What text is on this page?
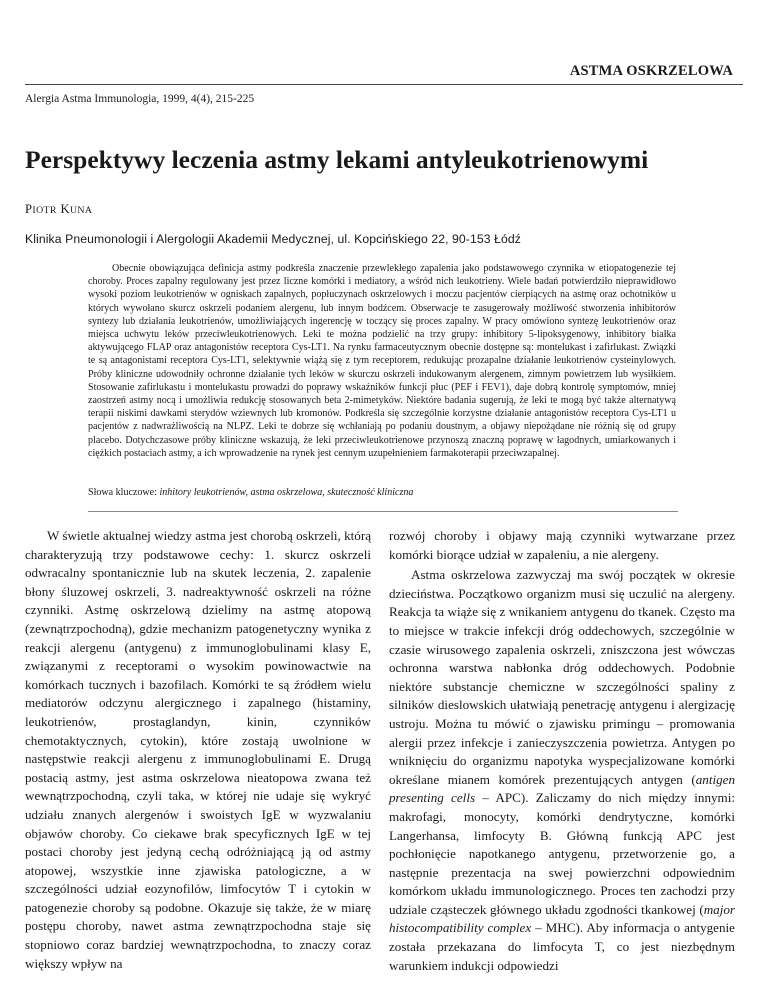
ASTMA OSKRZELOWA
Alergia Astma Immunologia, 1999, 4(4), 215-225
Perspektywy leczenia astmy lekami antyleukotrienowymi
PIOTR KUNA
Klinika Pneumonologii i Alergologii Akademii Medycznej, ul. Kopcińskiego 22, 90-153 Łódź
Obecnie obowiązująca definicja astmy podkreśla znaczenie przewlekłego zapalenia jako podstawowego czynnika w etiopatogenezie tej choroby. Proces zapalny regulowany jest przez liczne komórki i mediatory, a wśród nich leukotrieny. Wiele badań potwierdziło nieprawidłowo wysoki poziom leukotrienów w ogniskach zapalnych, popłuczynach oskrzelowych i moczu pacjentów cierpiących na astmę oraz ochotników u których wywołano skurcz oskrzeli podaniem alergenu, lub innym bodźcem. Obserwacje te zasugerowały możliwość stworzenia inhibitorów syntezy lub działania leukotrienów, umożliwiających ingerencję w toczący się proces zapalny. W pracy omówiono syntezę leukotrienów oraz miejsca uchwytu leków przeciwleukotrienowych. Leki te można podzielić na trzy grupy: inhibitory 5-lipoksygenowy, inhibitory białka aktywującego FLAP oraz antagonistów receptora Cys-LT1. Na rynku farmaceutycznym obecnie dostępne są: montelukast i zafirlukast. Związki te są antagonistami receptora Cys-LT1, selektywnie wiążą się z tym receptorem, redukując prozapalne działanie leukotrienów cysteinylowych. Próby kliniczne udowodniły ochronne działanie tych leków w skurczu oskrzeli indukowanym alergenem, zimnym powietrzem lub wysiłkiem. Stosowanie zafirlukastu i montelukastu prowadzi do poprawy wskaźników funkcji płuc (PEF i FEV1), daje dobrą kontrolę symptomów, mniej zaostrzeń astmy nocą i umożliwia redukcję stosowanych beta 2-mimetyków. Niektóre badania sugerują, że leki te mogą być także alternatywą terapii niskimi dawkami sterydów wziewnych lub kromonów. Podkreśla się szczególnie korzystne działanie antagonistów receptora Cys-LT1 u pacjentów z nadwrażliwością na NLPZ. Leki te dobrze się wchłaniają po podaniu doustnym, a objawy niepożądane nie różnią się od grupy placebo. Dotychczasowe próby kliniczne wskazują, że leki przeciwleukotrienowe przynoszą znaczną poprawę w łagodnych, umiarkowanych i ciężkich postaciach astmy, a ich wprowadzenie na rynek jest cennym uzupełnieniem farmakoterapii przeciwzapalnej.
Słowa kluczowe: inhitory leukotrienów, astma oskrzelowa, skuteczność kliniczna

W świetle aktualnej wiedzy astma jest chorobą oskrzeli, którą charakteryzują trzy podstawowe cechy: 1. skurcz oskrzeli odwracalny spontanicznie lub na skutek leczenia, 2. zapalenie błony śluzowej oskrzeli, 3. nadreaktywność oskrzeli na różne czynniki. Astmę oskrzelową dzielimy na astmę atopową (zewnątrzpochodną), gdzie mechanizm patogenetyczny wynika z reakcji alergenu (antygenu) z immunoglobulinami klasy E, związanymi z receptorami o wysokim powinowactwie na komórkach tucznych i bazofilach. Komórki te są źródłem wielu mediatorów odczynu alergicznego i zapalnego (histaminy, leukotrienów, prostaglandyn, kinin, czynników chemotaktycznych, cytokin), które zostają uwolnione w następstwie reakcji alergenu z immunoglobulinami E. Drugą postacią astmy, jest astma oskrzelowa nieatopowa zwana też wewnątrzpochodną, czyli taka, w której nie udaje się wykryć udziału znanych alergenów i swoistych IgE w wyzwalaniu objawów choroby. Co ciekawe brak specyficznych IgE w tej postaci choroby jest jedyną cechą odróżniającą ją od astmy atopowej, wszystkie inne zjawiska patologiczne, a w szczególności udział eozynofilów, limfocytów T i cytokin w patogenezie choroby są podobne. Okazuje się także, że w miarę postępu choroby, nawet astma zewnątrzpochodna staje się stopniowo coraz bardziej wewnątrzpochodna, to znaczy coraz większy wpływ na

rozwój choroby i objawy mają czynniki wytwarzane przez komórki biorące udział w zapaleniu, a nie alergeny.

Astma oskrzelowa zazwyczaj ma swój początek w okresie dzieciństwa. Początkowo organizm musi się uczulić na alergeny. Reakcja ta wiąże się z wnikaniem antygenu do tkanek. Często ma to miejsce w trakcie infekcji dróg oddechowych, szczególnie w czasie wirusowego zapalenia oskrzeli, zniszczona jest wówczas ochronna warstwa nabłonka dróg oddechowych. Podobnie niektóre substancje chemiczne w szczególności spaliny z silników dieslowskich ułatwiają penetrację antygenu i alergizację ustroju. Można tu mówić o zjawisku primingu – promowania alergii przez infekcje i zanieczyszczenia powietrza. Antygen po wniknięciu do organizmu napotyka wyspecjalizowane komórki określane mianem komórek prezentujących antygen (antigen presenting cells – APC). Zaliczamy do nich między innymi: makrofagi, monocyty, komórki dendrytyczne, komórki Langerhansa, limfocyty B. Główną funkcją APC jest pochłonięcie napotkanego antygenu, przetworzenie go, a następnie prezentacja na swej powierzchni odpowiednim komórkom układu immunologicznego. Proces ten zachodzi przy udziale cząsteczek głównego układu zgodności tkankowej (major histocompatibility complex – MHC). Aby informacja o antygenie została przekazana do limfocyta T, co jest niezbędnym warunkiem indukcji odpowiedzi
